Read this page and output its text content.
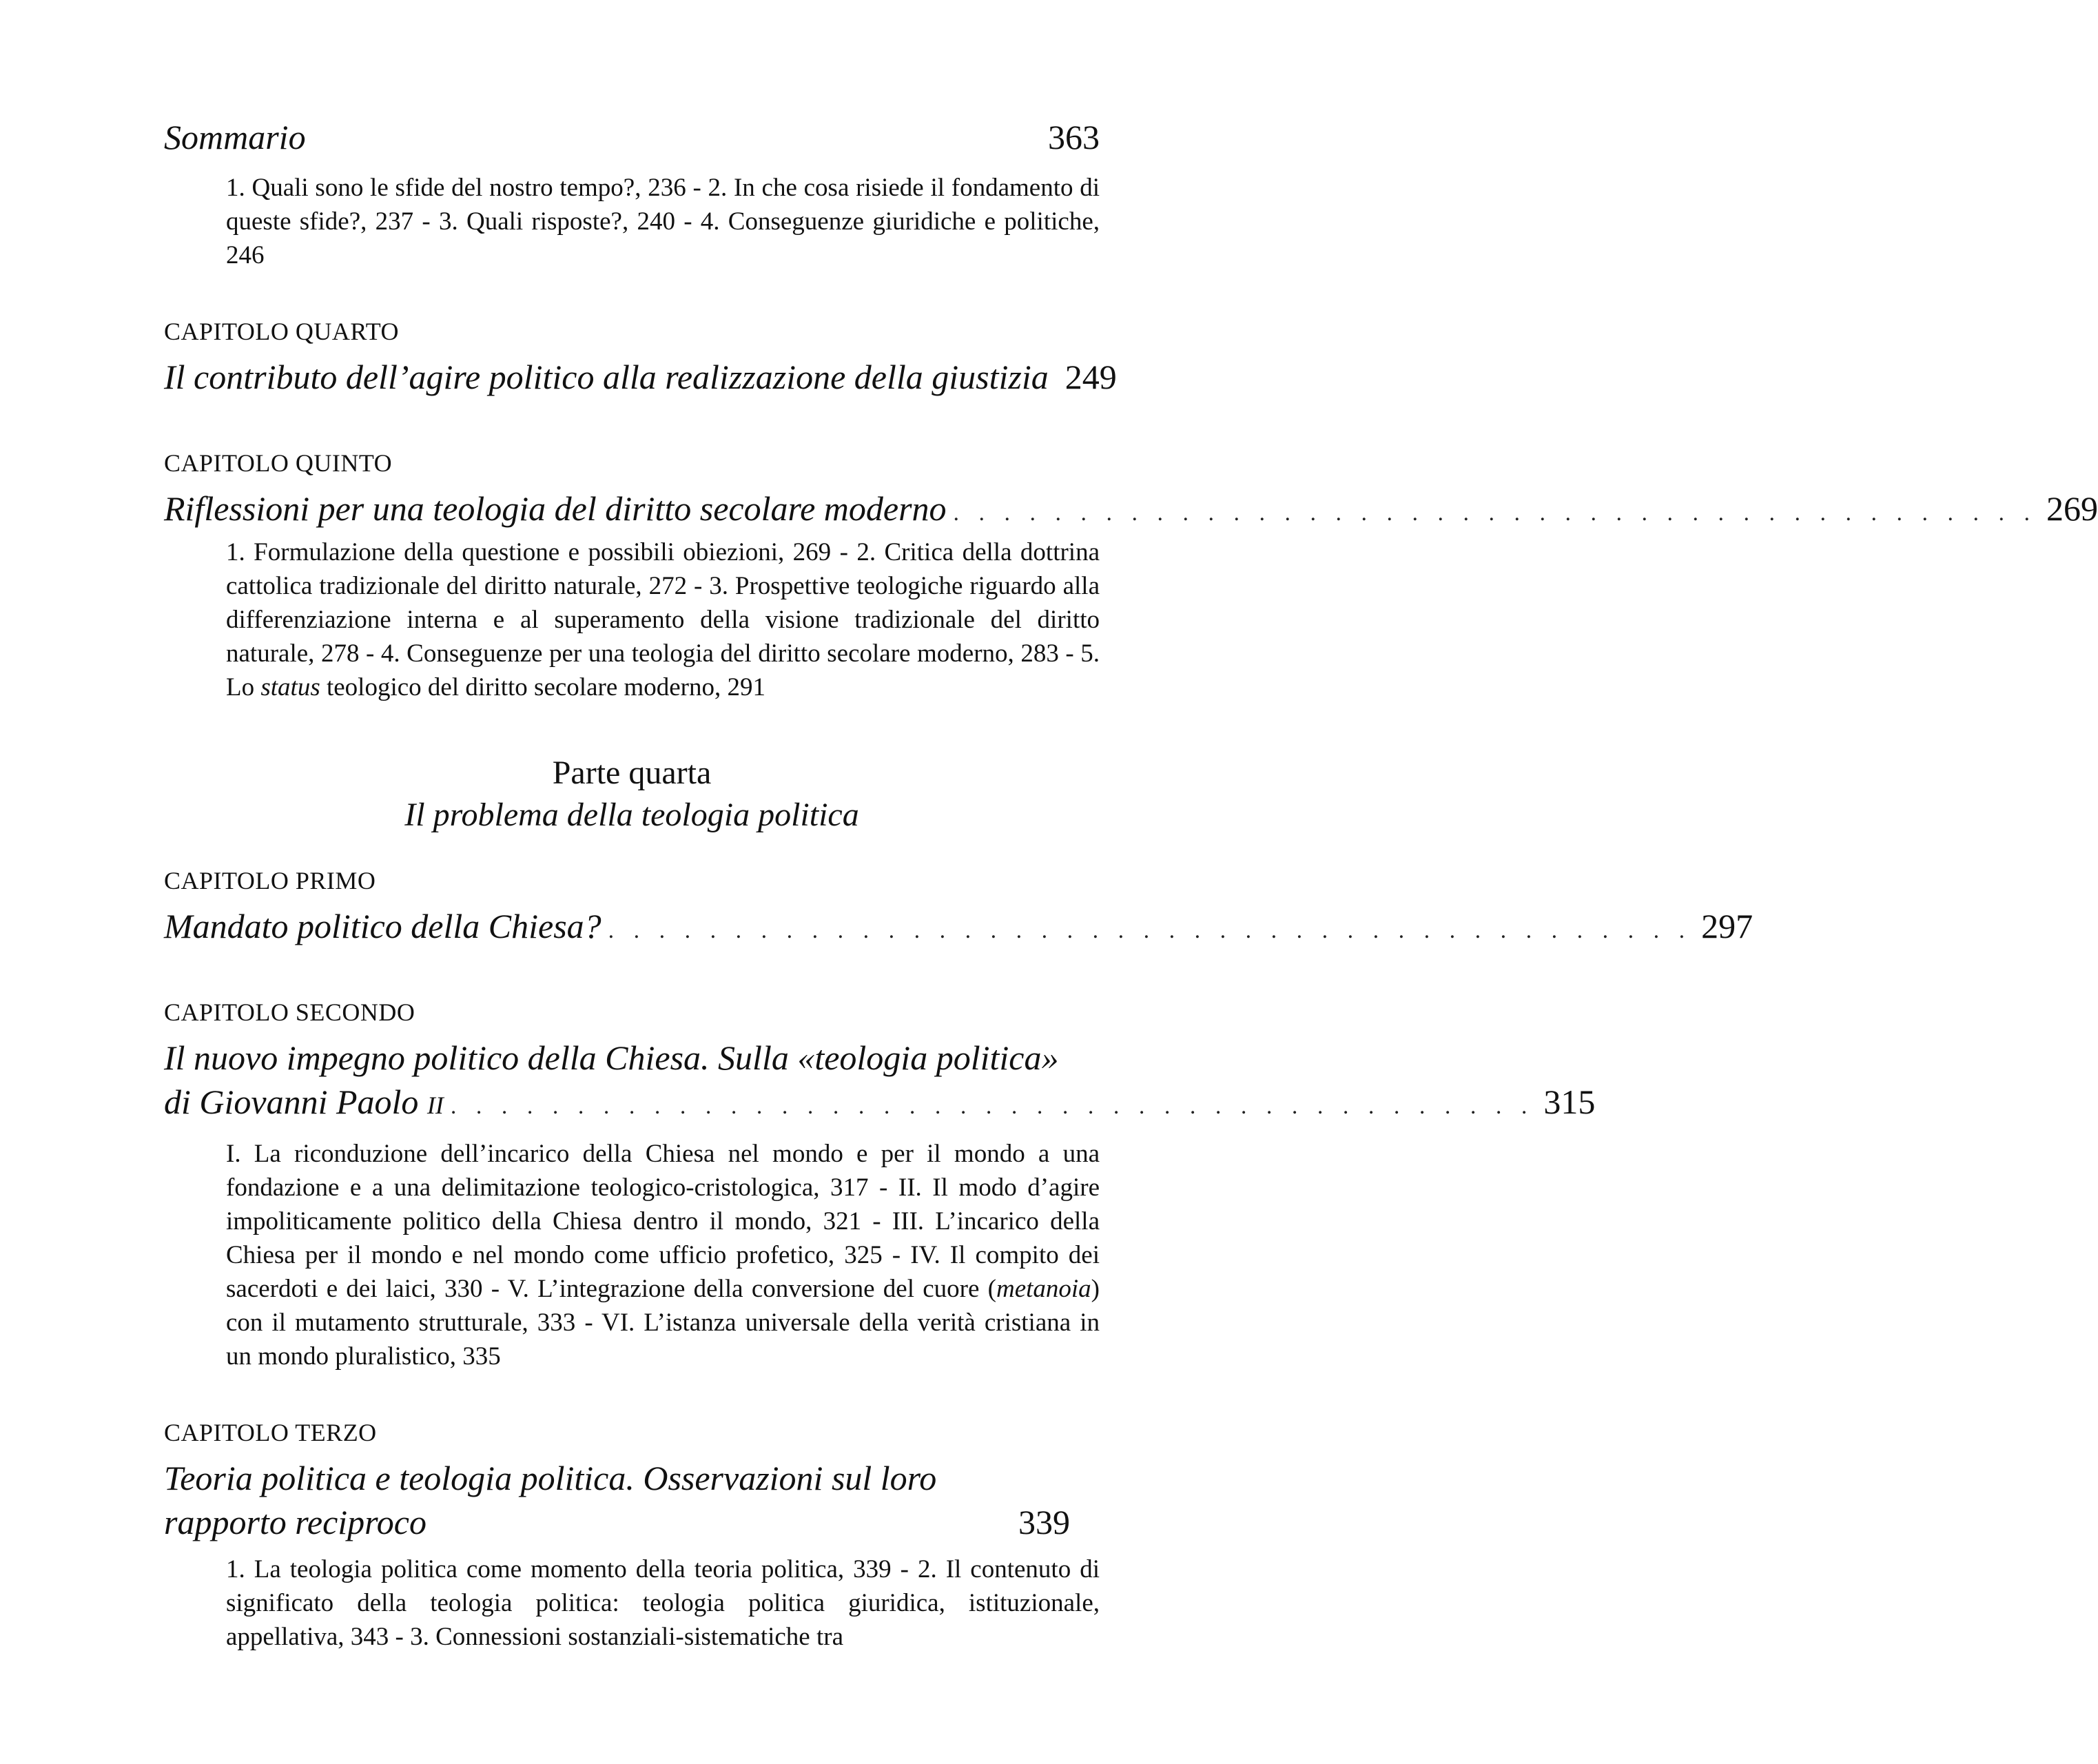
Sommario	363
1. Quali sono le sfide del nostro tempo?, 236 - 2. In che cosa risiede il fondamento di queste sfide?, 237 - 3. Quali risposte?, 240 - 4. Conseguenze giuridiche e politiche, 246
CAPITOLO QUARTO
Il contributo dell’agire politico alla realizzazione della giustizia 249
CAPITOLO QUINTO
Riflessioni per una teologia del diritto secolare moderno . . . . . . . . . . . . . . . . . . . . . . . . . . . . . . . . . . . . . . . . . . . 269
1. Formulazione della questione e possibili obiezioni, 269 - 2. Critica della dottrina cattolica tradizionale del diritto naturale, 272 - 3. Prospettive teologiche riguardo alla differenziazione interna e al superamento della visione tradizionale del diritto naturale, 278 - 4. Conseguenze per una teologia del diritto secolare moderno, 283 - 5. Lo status teologico del diritto secolare moderno, 291
Parte quarta
Il problema della teologia politica
CAPITOLO PRIMO
Mandato politico della Chiesa? . . . . . . . . . . . . . . . . . . . . . . . . . . . . . . . . . . . . . . . . . . . 297
CAPITOLO SECONDO
Il nuovo impegno politico della Chiesa. Sulla «teologia politica»
di Giovanni Paolo II . . . . . . . . . . . . . . . . . . . . . . . . . . . . . . . . . . . . . . . . . . . 315
I. La riconduzione dell’incarico della Chiesa nel mondo e per il mondo a una fondazione e a una delimitazione teologico-cristologica, 317 - II. Il modo d’agire impoliticamente politico della Chiesa dentro il mondo, 321 - III. L’incarico della Chiesa per il mondo e nel mondo come ufficio profetico, 325 - IV. Il compito dei sacerdoti e dei laici, 330 - V. L’integrazione della conversione del cuore (metanoia) con il mutamento strutturale, 333 - VI. L’istanza universale della verità cristiana in un mondo pluralistico, 335
CAPITOLO TERZO
Teoria politica e teologia politica. Osservazioni sul loro rapporto reciproco	339
1. La teologia politica come momento della teoria politica, 339 - 2. Il contenuto di significato della teologia politica: teologia politica giuridica, istituzionale, appellativa, 343 - 3. Connessioni sostanziali-sistematiche tra
